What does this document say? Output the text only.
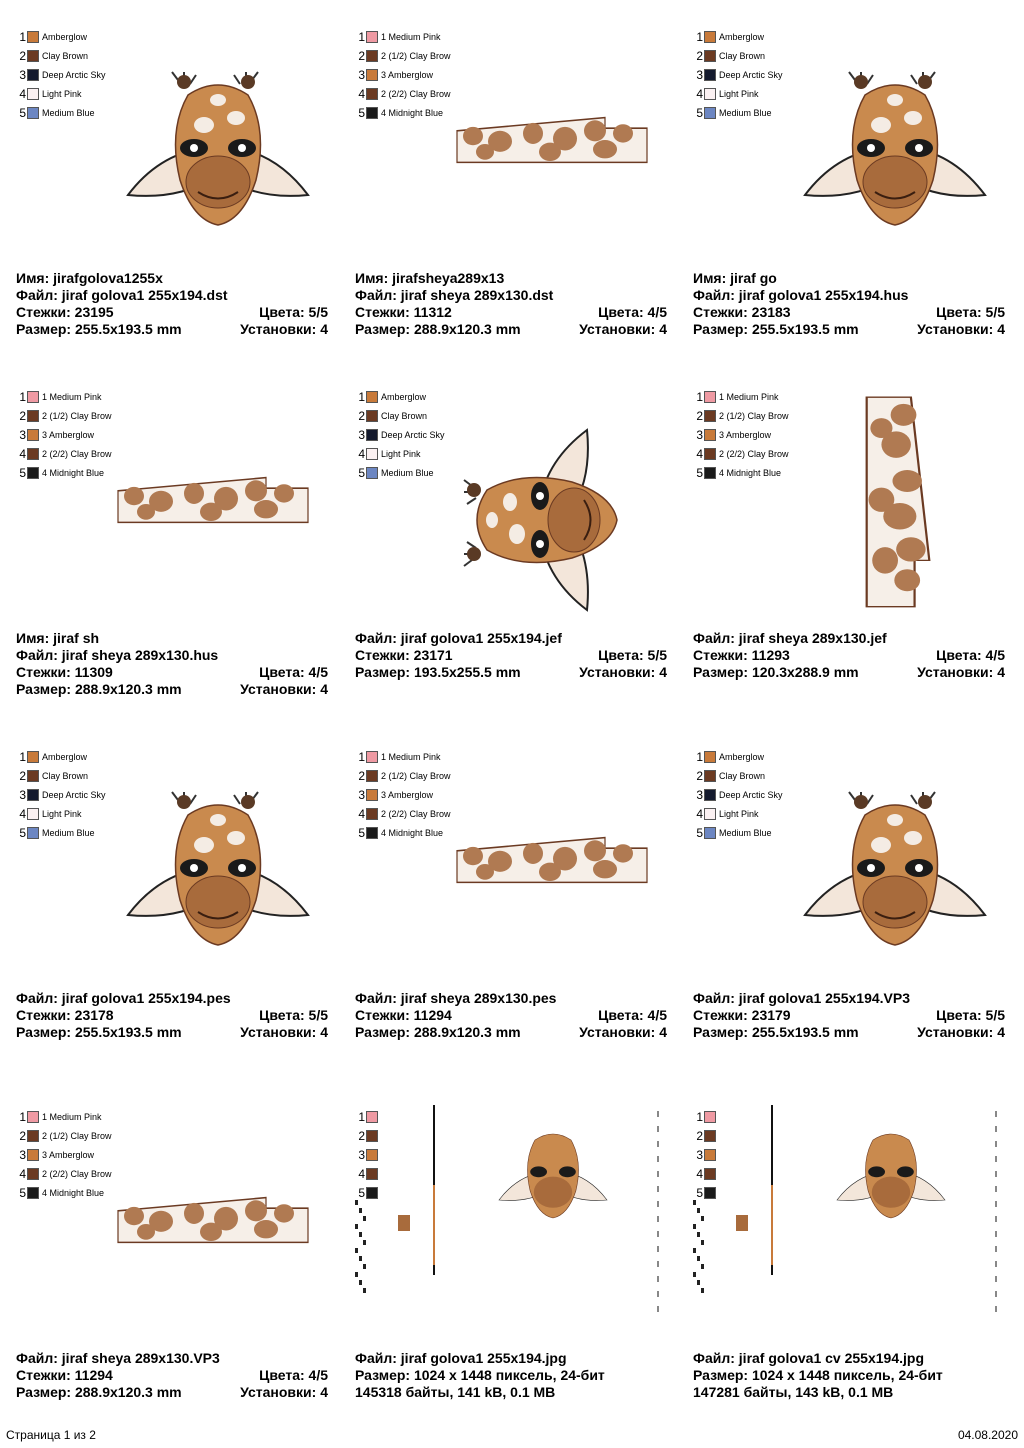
1 Amberglow
2 Clay Brown
3 Deep Arctic Sky
4 Light Pink
5 Medium Blue
Имя: jirafgolova1255x
Файл: jiraf golova1 255x194.dst
Стежки: 23195	Цвета: 5/5
Размер: 255.5x193.5 mm	Установки: 4
1 1 Medium Pink
2 2 (1/2) Clay Brow
3 3 Amberglow
4 2 (2/2) Clay Brow
5 4 Midnight Blue
Имя: jirafsheya289x13
Файл: jiraf sheya 289x130.dst
Стежки: 11312	Цвета: 4/5
Размер: 288.9x120.3 mm	Установки: 4
1 Amberglow
2 Clay Brown
3 Deep Arctic Sky
4 Light Pink
5 Medium Blue
Имя: jiraf go
Файл: jiraf golova1 255x194.hus
Стежки: 23183	Цвета: 5/5
Размер: 255.5x193.5 mm	Установки: 4
1 1 Medium Pink
2 2 (1/2) Clay Brow
3 3 Amberglow
4 2 (2/2) Clay Brow
5 4 Midnight Blue
Имя: jiraf sh
Файл: jiraf sheya 289x130.hus
Стежки: 11309	Цвета: 4/5
Размер: 288.9x120.3 mm	Установки: 4
1 Amberglow
2 Clay Brown
3 Deep Arctic Sky
4 Light Pink
5 Medium Blue
Файл: jiraf golova1 255x194.jef
Стежки: 23171	Цвета: 5/5
Размер: 193.5x255.5 mm	Установки: 4
1 1 Medium Pink
2 2 (1/2) Clay Brow
3 3 Amberglow
4 2 (2/2) Clay Brow
5 4 Midnight Blue
Файл: jiraf sheya 289x130.jef
Стежки: 11293	Цвета: 4/5
Размер: 120.3x288.9 mm	Установки: 4
1 Amberglow
2 Clay Brown
3 Deep Arctic Sky
4 Light Pink
5 Medium Blue
Файл: jiraf golova1 255x194.pes
Стежки: 23178	Цвета: 5/5
Размер: 255.5x193.5 mm	Установки: 4
1 1 Medium Pink
2 2 (1/2) Clay Brow
3 3 Amberglow
4 2 (2/2) Clay Brow
5 4 Midnight Blue
Файл: jiraf sheya 289x130.pes
Стежки: 11294	Цвета: 4/5
Размер: 288.9x120.3 mm	Установки: 4
1 Amberglow
2 Clay Brown
3 Deep Arctic Sky
4 Light Pink
5 Medium Blue
Файл: jiraf golova1 255x194.VP3
Стежки: 23179	Цвета: 5/5
Размер: 255.5x193.5 mm	Установки: 4
1 1 Medium Pink
2 2 (1/2) Clay Brow
3 3 Amberglow
4 2 (2/2) Clay Brow
5 4 Midnight Blue
Файл: jiraf sheya 289x130.VP3
Стежки: 11294	Цвета: 4/5
Размер: 288.9x120.3 mm	Установки: 4
1
2
3
4
5
Файл: jiraf golova1 255x194.jpg
Размер: 1024 x 1448 пиксель, 24-бит
145318 байты, 141 kB, 0.1 MB
1
2
3
4
5
Файл: jiraf golova1 cv 255x194.jpg
Размер: 1024 x 1448 пиксель, 24-бит
147281 байты, 143 kB, 0.1 MB
Страница 1 из 2	04.08.2020
